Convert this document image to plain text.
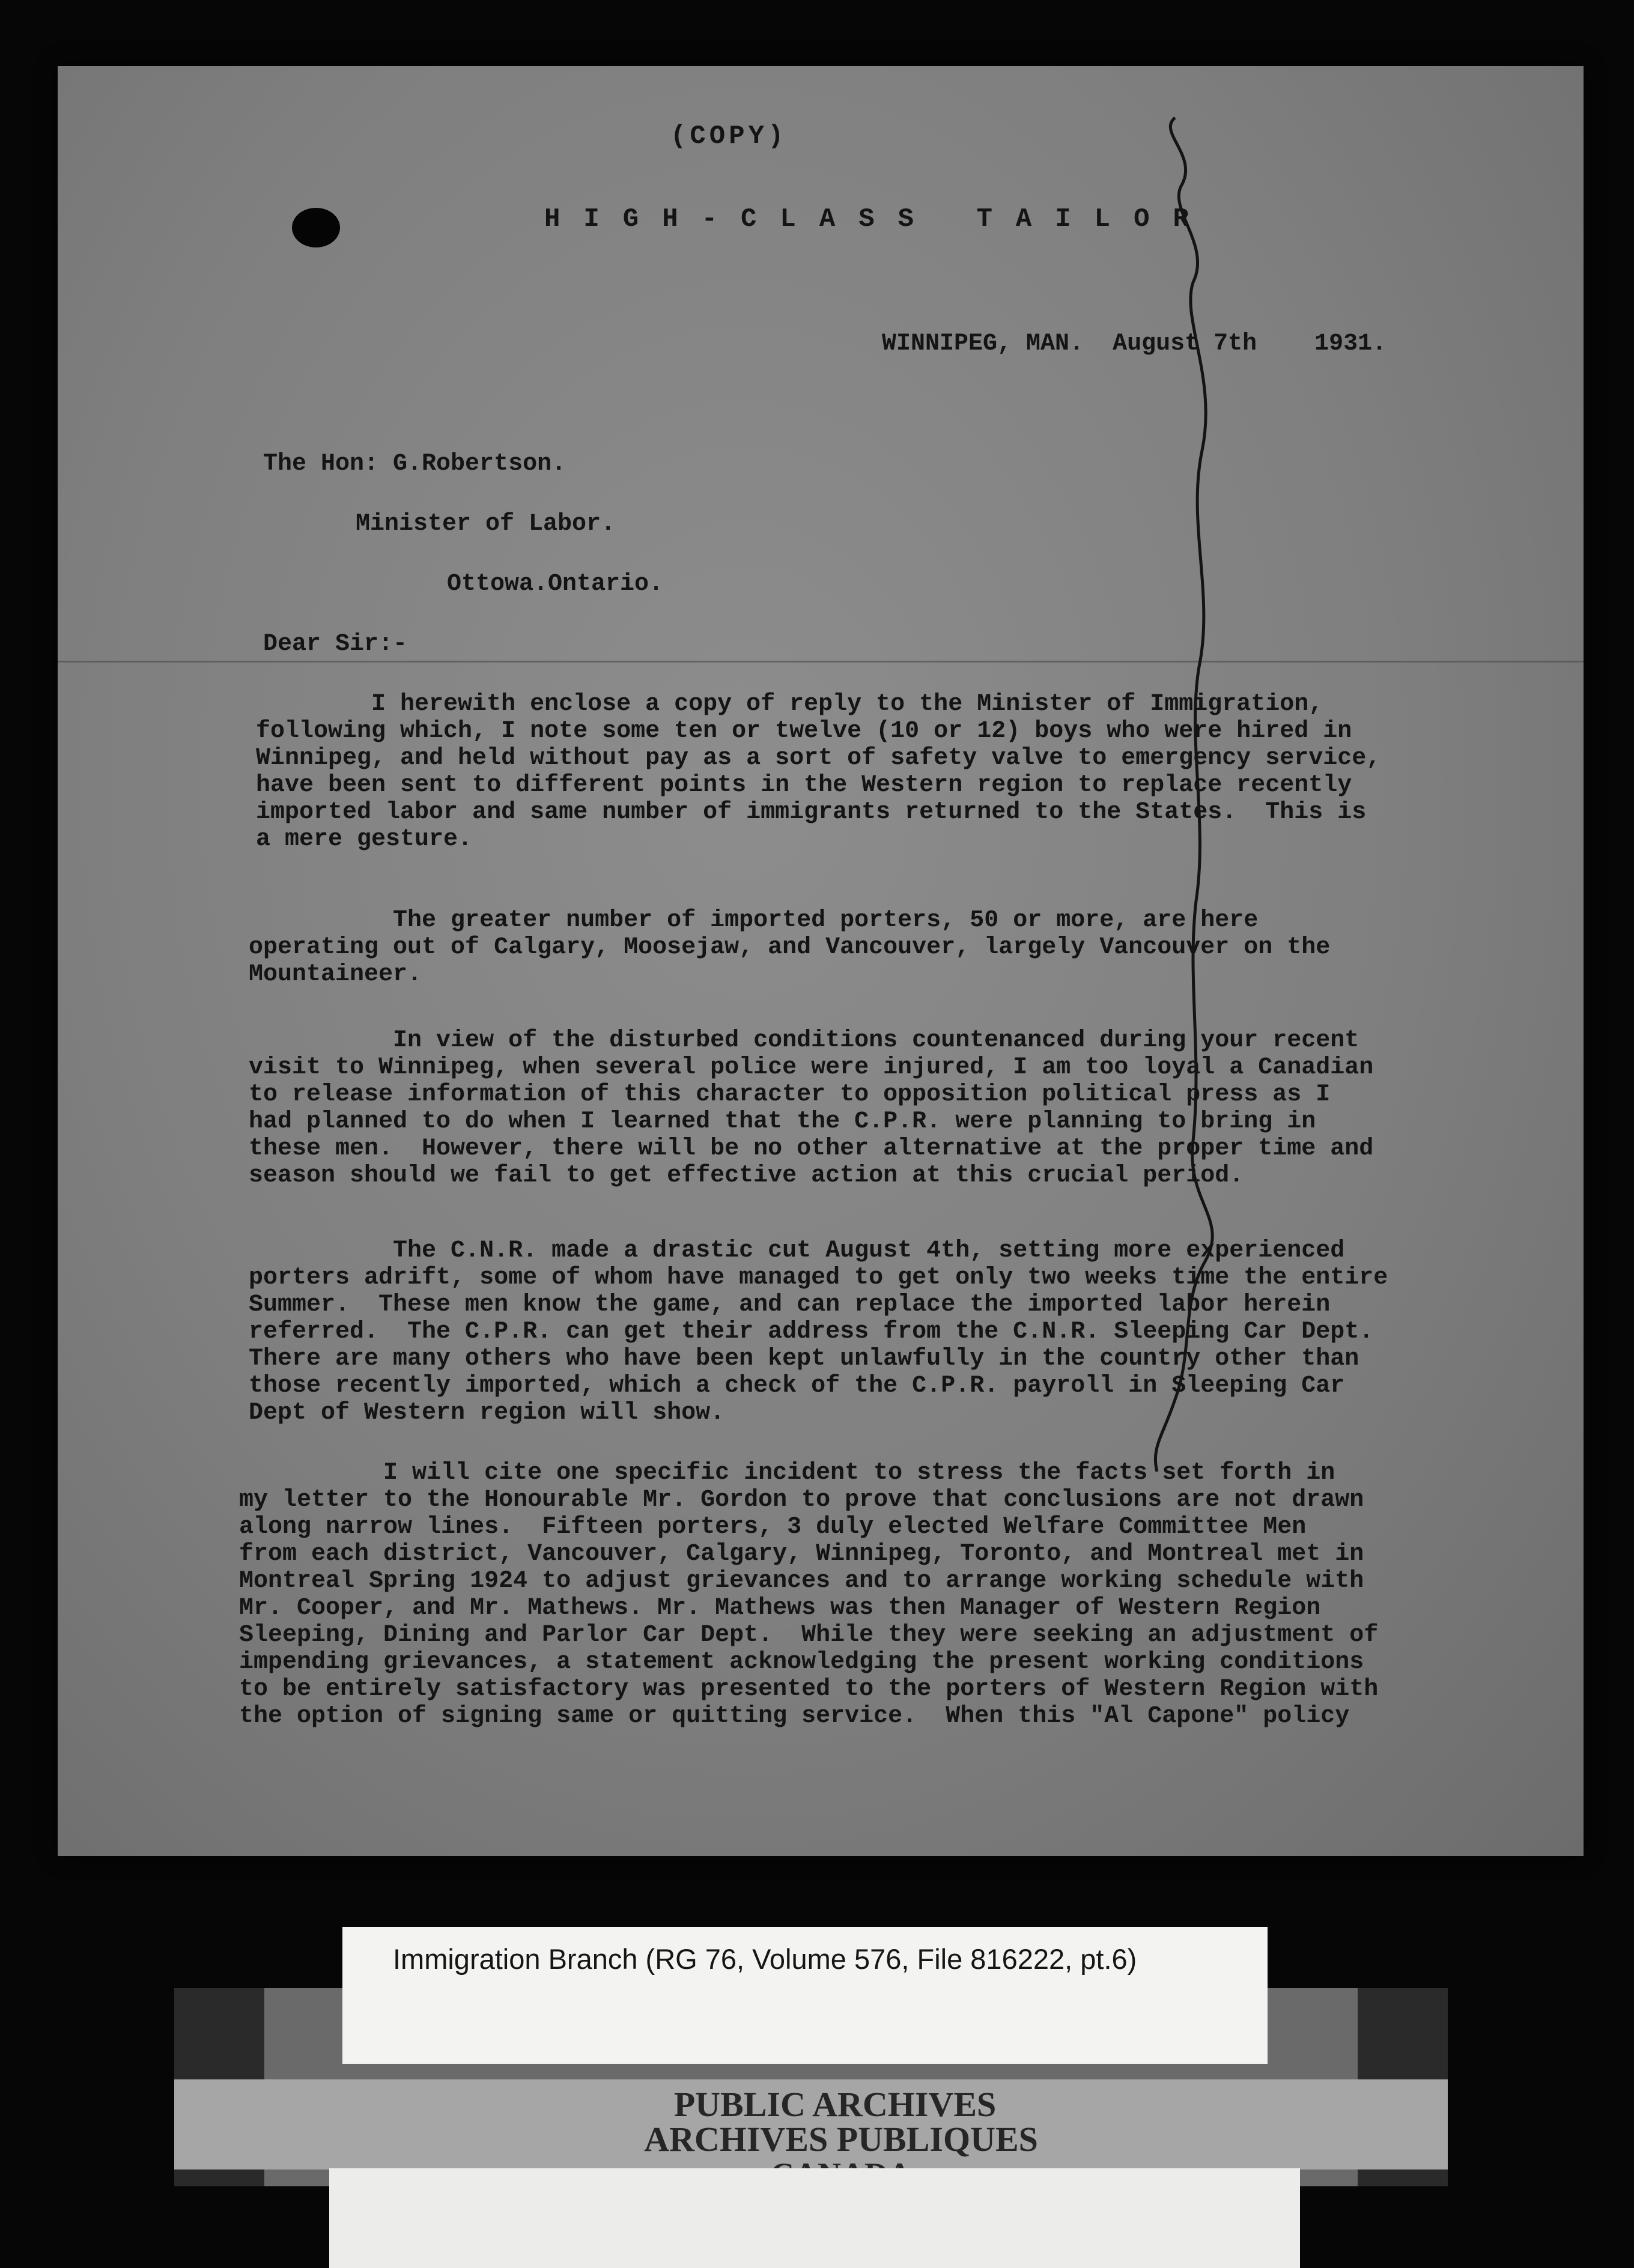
(COPY)

HIGH-CLASS TAILOR

WINNIPEG, MAN.  August 7th    1931.

The Hon: G.Robertson.

Minister of Labor.

Ottowa.Ontario.

Dear Sir:-

I herewith enclose a copy of reply to the Minister of Immigration,
following which, I note some ten or twelve (10 or 12) boys who were hired in
Winnipeg, and held without pay as a sort of safety valve to emergency service,
have been sent to different points in the Western region to replace recently
imported labor and same number of immigrants returned to the States.  This is
a mere gesture.

The greater number of imported porters, 50 or more, are here
operating out of Calgary, Moosejaw, and Vancouver, largely Vancouver on the
Mountaineer.

In view of the disturbed conditions countenanced during your recent
visit to Winnipeg, when several police were injured, I am too loyal a Canadian
to release information of this character to opposition political press as I
had planned to do when I learned that the C.P.R. were planning to bring in
these men.  However, there will be no other alternative at the proper time and
season should we fail to get effective action at this crucial period.

The C.N.R. made a drastic cut August 4th, setting more experienced
porters adrift, some of whom have managed to get only two weeks time the entire
Summer.  These men know the game, and can replace the imported labor herein
referred.  The C.P.R. can get their address from the C.N.R. Sleeping Car Dept.
There are many others who have been kept unlawfully in the country other than
those recently imported, which a check of the C.P.R. payroll in Sleeping Car
Dept of Western region will show.

I will cite one specific incident to stress the facts set forth in
my letter to the Honourable Mr. Gordon to prove that conclusions are not drawn
along narrow lines.  Fifteen porters, 3 duly elected Welfare Committee Men
from each district, Vancouver, Calgary, Winnipeg, Toronto, and Montreal met in
Montreal Spring 1924 to adjust grievances and to arrange working schedule with
Mr. Cooper, and Mr. Mathews. Mr. Mathews was then Manager of Western Region
Sleeping, Dining and Parlor Car Dept.  While they were seeking an adjustment of
impending grievances, a statement acknowledging the present working conditions
to be entirely satisfactory was presented to the porters of Western Region with
the option of signing same or quitting service.  When this "Al Capone" policy

PUBLIC ARCHIVES
ARCHIVES PUBLIQUES

Immigration Branch (RG 76, Volume 576, File 816222, pt.6)
